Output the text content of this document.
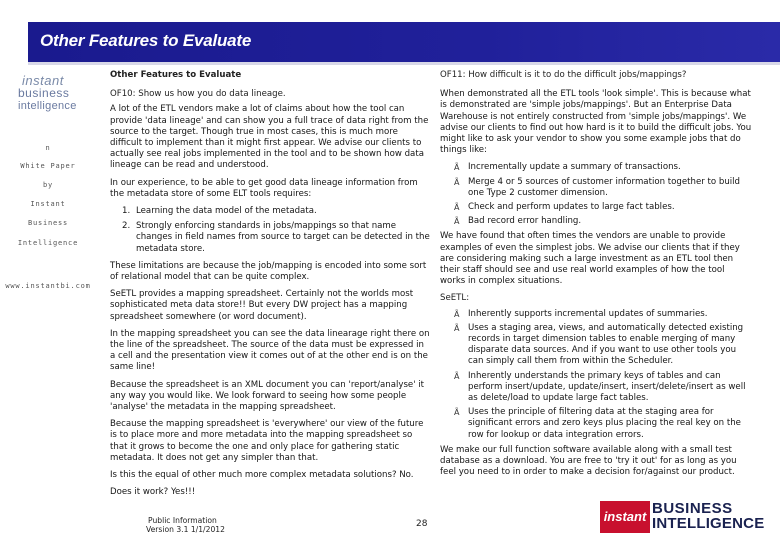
Other Features to Evaluate
instant
business
intelligence
n
White Paper
by
Instant
Business
Intelligence
www.instantbi.com
Other Features to Evaluate
OF10: Show us how you do data lineage.

A lot of the ETL vendors make a lot of claims about how the tool can provide 'data lineage' and can show you a full trace of data right from the source to the target. Though true in most cases, this is much more difficult to implement than it might first appear. We advise our clients to actually see real jobs implemented in the tool and to be shown how data lineage can be read and understood.

In our experience, to be able to get good data lineage information from the metadata store of some ELT tools requires:

1. Learning the data model of the metadata.
2. Strongly enforcing standards in jobs/mappings so that name changes in field names from source to target can be detected in the metadata store.

These limitations are because the job/mapping is encoded into some sort of relational model that can be quite complex.

SeETL provides a mapping spreadsheet. Certainly not the worlds most sophisticated meta data store!! But every DW project has a mapping spreadsheet somewhere (or word document).

In the mapping spreadsheet you can see the data linearage right there on the line of the spreadsheet. The source of the data must be expressed in a cell and the presentation view it comes out of at the other end is on the same line!

Because the spreadsheet is an XML document you can 'report/analyse' it any way you would like. We look forward to seeing how some people 'analyse' the metadata in the mapping spreadsheet.

Because the mapping spreadsheet is 'everywhere' our view of the future is to place more and more metadata into the mapping spreadsheet so that it grows to become the one and only place for gathering static metadata. It does not get any simpler than that.

Is this the equal of other much more complex metadata solutions? No.

Does it work? Yes!!!

OF11: How difficult is it to do the difficult jobs/mappings?

When demonstrated all the ETL tools 'look simple'. This is because what is demonstrated are 'simple jobs/mappings'. But an Enterprise Data Warehouse is not entirely constructed from 'simple jobs/mappings'. We advise our clients to find out how hard is it to build the difficult jobs. You might like to ask your vendor to show you some example jobs that do things like:

Ã Incrementally update a summary of transactions.
Ã Merge 4 or 5 sources of customer information together to build one Type 2 customer dimension.
Ã Check and perform updates to large fact tables.
Ã Bad record error handling.

We have found that often times the vendors are unable to provide examples of even the simplest jobs. We advise our clients that if they are considering making such a large investment as an ETL tool then their staff should see and use real world examples of how the tool works in complex situations.

SeETL:
Ã Inherently supports incremental updates of summaries.
Ã Uses a staging area, views, and automatically detected existing records in target dimension tables to enable merging of many disparate data sources. And if you want to use other tools you can simply call them from within the Scheduler.
Ã Inherently understands the primary keys of tables and can perform insert/update, update/insert, insert/delete/insert as well as delete/load to update large fact tables.
Ã Uses the principle of filtering data at the staging area for significant errors and zero keys plus placing the real key on the row for lookup or data integration errors.

We make our full function software available along with a small test database as a download. You are free to 'try it out' for as long as you feel you need to in order to make a decision for/against our product.

Public Information
Version 3.1 1/1/2012
28	instant BUSINESS
INTELLIGENCE
